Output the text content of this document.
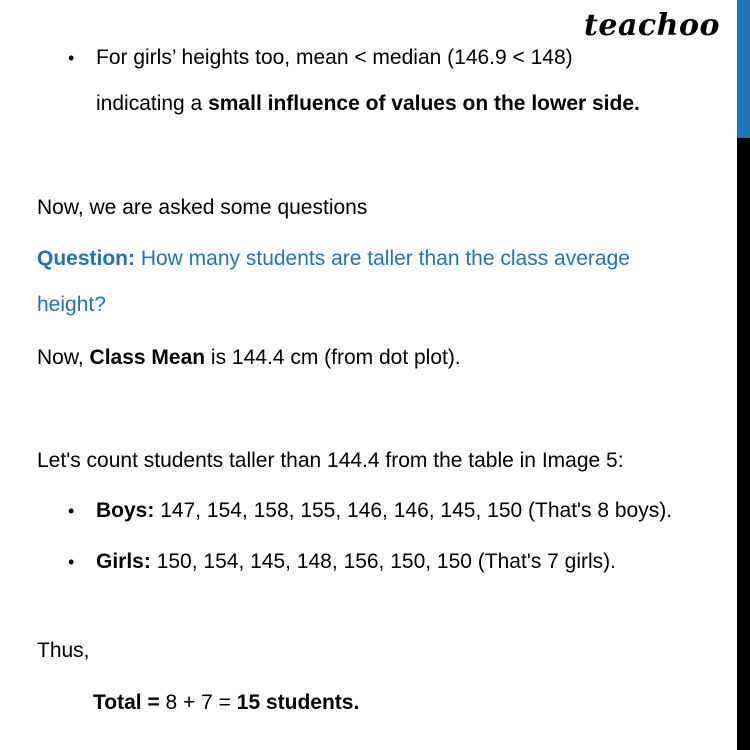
teachoo
• For girls’ heights too, mean < median (146.9 < 148)
indicating a small influence of values on the lower side.
Now, we are asked some questions
Question: How many students are taller than the class average
height?
Now, Class Mean is 144.4 cm (from dot plot).
Let's count students taller than 144.4 from the table in Image 5:
• Boys: 147, 154, 158, 155, 146, 146, 145, 150 (That's 8 boys).
• Girls: 150, 154, 145, 148, 156, 150, 150 (That's 7 girls).
Thus,
Total = 8 + 7 = 15 students.
